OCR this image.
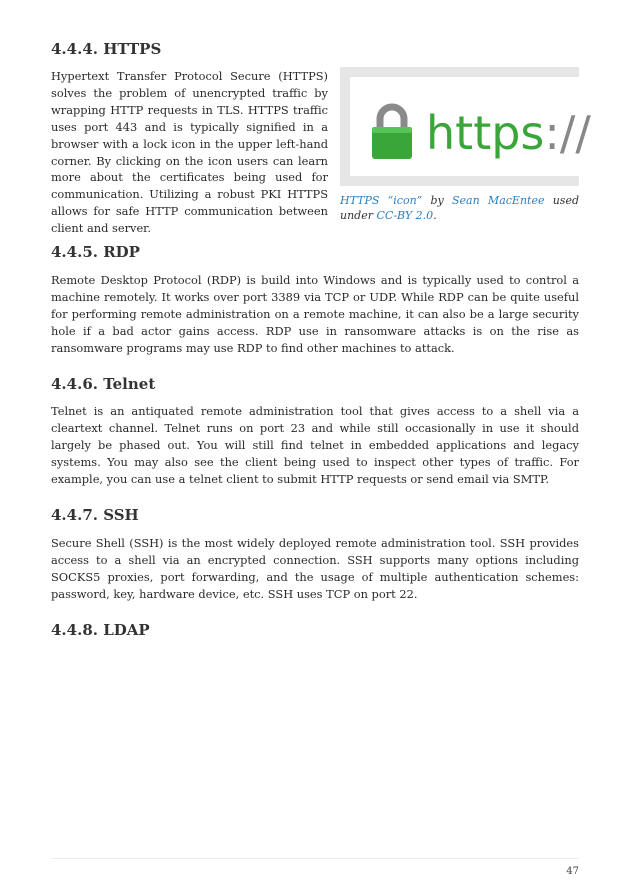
4.4.4. HTTPS

Hypertext Transfer Protocol Secure (HTTPS) solves the problem of unencrypted traffic by wrapping HTTP requests in TLS. HTTPS traffic uses port 443 and is typically signified in a browser with a lock icon in the upper left-hand corner. By clicking on the icon users can learn more about the certificates being used for communication. Utilizing a robust PKI HTTPS allows for safe HTTP communication between client and server.

https://

HTTPS “icon” by Sean MacEntee used under CC-BY 2.0.

4.4.5. RDP

Remote Desktop Protocol (RDP) is build into Windows and is typically used to control a machine remotely. It works over port 3389 via TCP or UDP. While RDP can be quite useful for performing remote administration on a remote machine, it can also be a large security hole if a bad actor gains access. RDP use in ransomware attacks is on the rise as ransomware programs may use RDP to find other machines to attack.

4.4.6. Telnet

Telnet is an antiquated remote administration tool that gives access to a shell via a cleartext channel. Telnet runs on port 23 and while still occasionally in use it should largely be phased out. You will still find telnet in embedded applications and legacy systems. You may also see the client being used to inspect other types of traffic. For example, you can use a telnet client to submit HTTP requests or send email via SMTP.

4.4.7. SSH

Secure Shell (SSH) is the most widely deployed remote administration tool. SSH provides access to a shell via an encrypted connection. SSH supports many options including SOCKS5 proxies, port forwarding, and the usage of multiple authentication schemes: password, key, hardware device, etc. SSH uses TCP on port 22.

4.4.8. LDAP
47
